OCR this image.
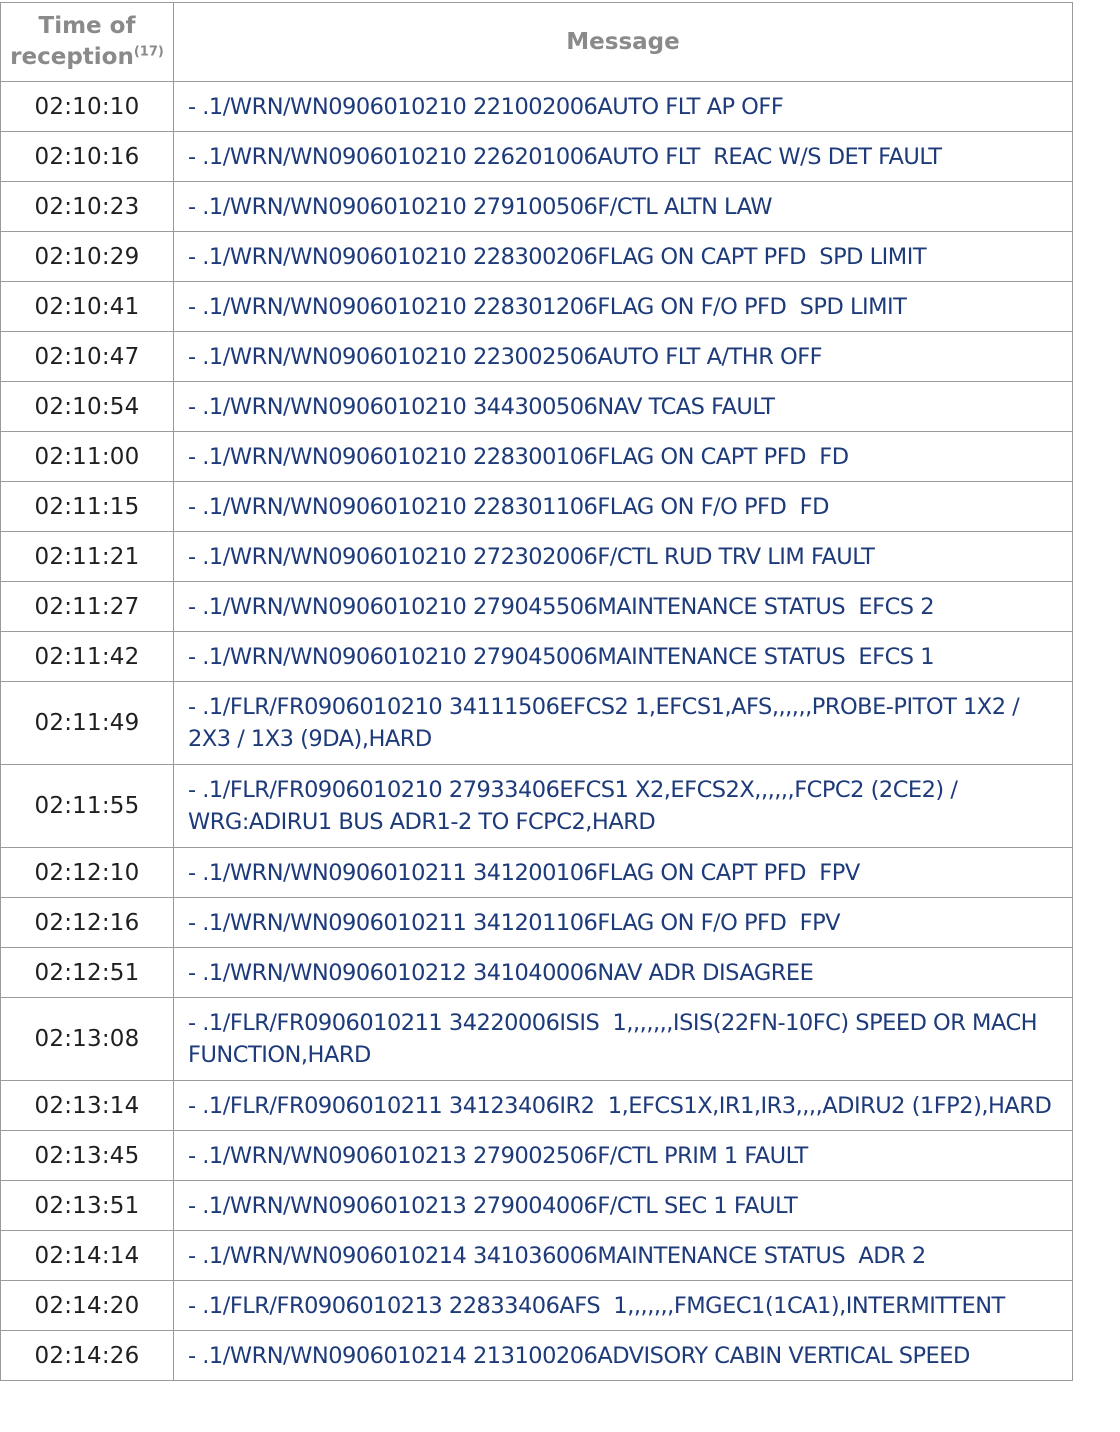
Time of reception$^{(17)}$	Message
02:10:10	- .1/WRN/WN0906010210 221002006AUTO FLT AP OFF
02:10:16	- .1/WRN/WN0906010210 226201006AUTO FLT  REAC W/S DET FAULT
02:10:23	- .1/WRN/WN0906010210 279100506F/CTL ALTN LAW
02:10:29	- .1/WRN/WN0906010210 228300206FLAG ON CAPT PFD  SPD LIMIT
02:10:41	- .1/WRN/WN0906010210 228301206FLAG ON F/O PFD  SPD LIMIT
02:10:47	- .1/WRN/WN0906010210 223002506AUTO FLT A/THR OFF
02:10:54	- .1/WRN/WN0906010210 344300506NAV TCAS FAULT
02:11:00	- .1/WRN/WN0906010210 228300106FLAG ON CAPT PFD  FD
02:11:15	- .1/WRN/WN0906010210 228301106FLAG ON F/O PFD  FD
02:11:21	- .1/WRN/WN0906010210 272302006F/CTL RUD TRV LIM FAULT
02:11:27	- .1/WRN/WN0906010210 279045506MAINTENANCE STATUS  EFCS 2
02:11:42	- .1/WRN/WN0906010210 279045006MAINTENANCE STATUS  EFCS 1
02:11:49	- .1/FLR/FR0906010210 34111506EFCS2 1,EFCS1,AFS,,,,,,PROBE-PITOT 1X2 / 2X3 / 1X3 (9DA),HARD
02:11:55	- .1/FLR/FR0906010210 27933406EFCS1 X2,EFCS2X,,,,,,FCPC2 (2CE2) / WRG:ADIRU1 BUS ADR1-2 TO FCPC2,HARD
02:12:10	- .1/WRN/WN0906010211 341200106FLAG ON CAPT PFD  FPV
02:12:16	- .1/WRN/WN0906010211 341201106FLAG ON F/O PFD  FPV
02:12:51	- .1/WRN/WN0906010212 341040006NAV ADR DISAGREE
02:13:08	- .1/FLR/FR0906010211 34220006ISIS  1,,,,,,,ISIS(22FN-10FC) SPEED OR MACH FUNCTION,HARD
02:13:14	- .1/FLR/FR0906010211 34123406IR2  1,EFCS1X,IR1,IR3,,,,ADIRU2 (1FP2),HARD
02:13:45	- .1/WRN/WN0906010213 279002506F/CTL PRIM 1 FAULT
02:13:51	- .1/WRN/WN0906010213 279004006F/CTL SEC 1 FAULT
02:14:14	- .1/WRN/WN0906010214 341036006MAINTENANCE STATUS  ADR 2
02:14:20	- .1/FLR/FR0906010213 22833406AFS  1,,,,,,,FMGEC1(1CA1),INTERMITTENT
02:14:26	- .1/WRN/WN0906010214 213100206ADVISORY CABIN VERTICAL SPEED
